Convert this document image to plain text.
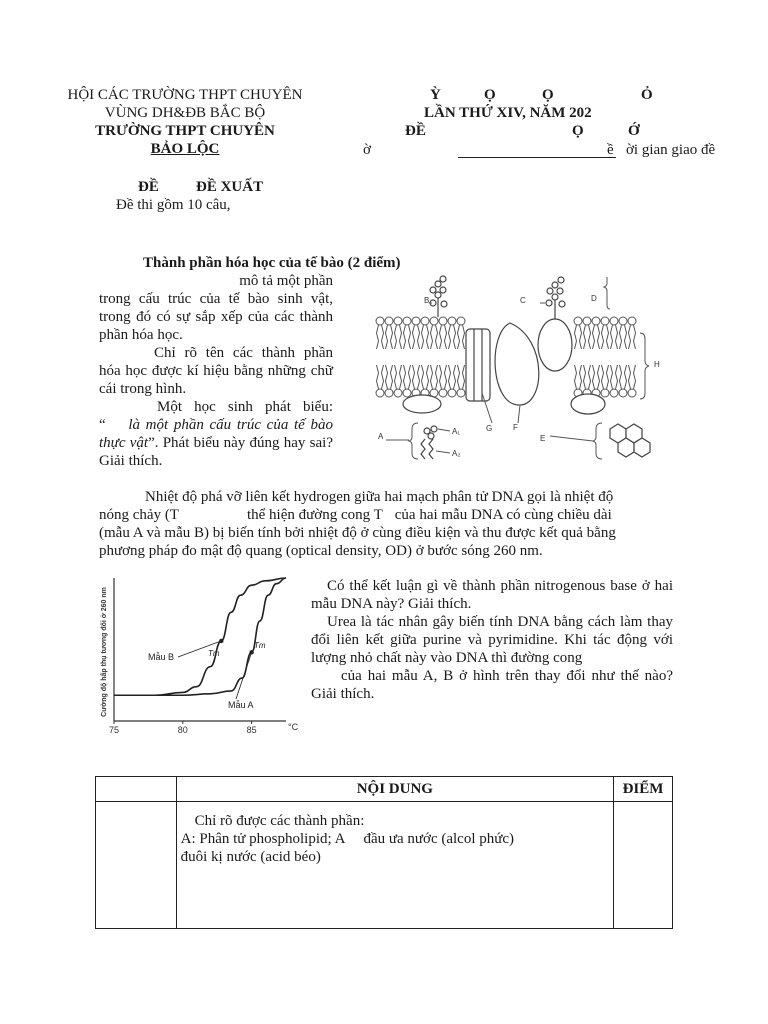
HỘI CÁC TRƯỜNG THPT CHUYÊN
VÙNG DH&ĐB BẮC BỘ
TRƯỜNG THPT CHUYÊN
BẢO LỘC
Ỳ	Ọ	Ọ	Ỏ
LẦN THỨ XIV, NĂM 202
ĐỀ	Ọ	Ớ
ờ	ề ời gian giao đề
ĐỀ ĐỀ XUẤT
Đề thi gồm 10 câu,
Thành phần hóa học của tế bào (2 điểm)
mô tả một phần
trong cấu trúc của tế bào sinh vật, trong đó có sự sắp xếp của các thành phần hóa học.
Chỉ rõ tên các thành phần hóa học được kí hiệu bằng những chữ cái trong hình.
Một học sinh phát biểu: “ là một phần cấu trúc của tế bào thực vật”. Phát biểu này đúng hay sai? Giải thích.
B	C	D
H
A
A₁
A₂
G	F
E
Nhiệt độ phá vỡ liên kết hydrogen giữa hai mạch phân tử DNA gọi là nhiệt độ
nóng chảy (T	thể hiện đường cong T của hai mẫu DNA có cùng chiều dài
(mẫu A và mẫu B) bị biến tính bởi nhiệt độ ở cùng điều kiện và thu được kết quả bằng
phương pháp đo mật độ quang (optical density, OD) ở bước sóng 260 nm.
Cường độ hấp thụ tương đối ở 260 nm
75	80	85
Mẫu B	Tm
Mẫu A
Tm
°C
Có thể kết luận gì về thành phần nitrogenous base ở hai mẫu DNA này? Giải thích.
Urea là tác nhân gây biến tính DNA bằng cách làm thay đổi liên kết giữa purine và pyrimidine. Khi tác động với lượng nhỏ chất này vào DNA thì đường cong
của hai mẫu A, B ở hình trên thay đổi như thế nào? Giải thích.
	NỘI DUNG	ĐIỂM

	Chỉ rõ được các thành phần:
A: Phân tử phospholipid; A đầu ưa nước (alcol phức)
đuôi kị nước (acid béo)	
